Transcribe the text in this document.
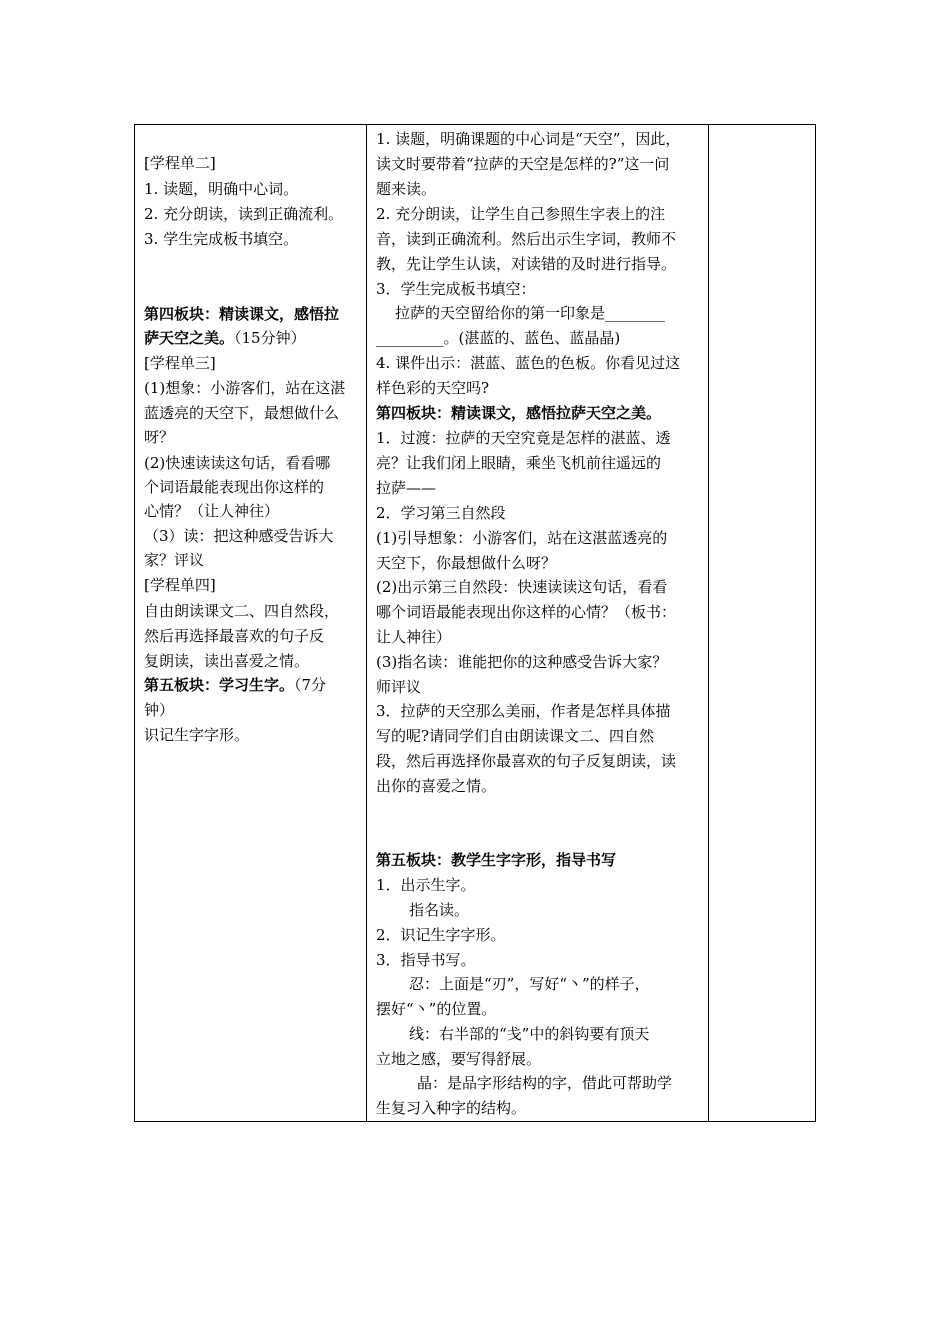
[学程单二]
1. 读题，明确中心词。
2. 充分朗读，读到正确流利。
3. 学生完成板书填空。
第四板块：精读课文，感悟拉
萨天空之美。（15分钟）
[学程单三]
(1)想象：小游客们，站在这湛
蓝透亮的天空下，最想做什么
呀？
(2)快速读读这句话，看看哪
个词语最能表现出你这样的
心情？（让人神往）
（3）读：把这种感受告诉大
家？评议
[学程单四]
自由朗读课文二、四自然段，
然后再选择最喜欢的句子反
复朗读，读出喜爱之情。
第五板块：学习生字。（7分
钟）
识记生字字形。
1. 读题，明确课题的中心词是“天空”，因此，
读文时要带着“拉萨的天空是怎样的?”这一问
题来读。
2. 充分朗读，让学生自己参照生字表上的注
音，读到正确流利。然后出示生字词，教师不
教，先让学生认读，对读错的及时进行指导。
3．学生完成板书填空：
拉萨的天空留给你的第一印象是________
_________。(湛蓝的、蓝色、蓝晶晶)
4. 课件出示：湛蓝、蓝色的色板。你看见过这
样色彩的天空吗?
第四板块：精读课文，感悟拉萨天空之美。
1．过渡：拉萨的天空究竟是怎样的湛蓝、透
亮？让我们闭上眼睛，乘坐飞机前往遥远的
拉萨——
2．学习第三自然段
(1)引导想象：小游客们，站在这湛蓝透亮的
天空下，你最想做什么呀？
(2)出示第三自然段：快速读读这句话，看看
哪个词语最能表现出你这样的心情？（板书：
让人神往）
(3)指名读：谁能把你的这种感受告诉大家？
师评议
3．拉萨的天空那么美丽，作者是怎样具体描
写的呢?请同学们自由朗读课文二、四自然
段，然后再选择你最喜欢的句子反复朗读，读
出你的喜爱之情。
第五板块：教学生字字形，指导书写
1．出示生字。
指名读。
2．识记生字字形。
3．指导书写。
忍：上面是“刃”，写好“丶”的样子，
摆好“丶”的位置。
线：右半部的“戋”中的斜钩要有顶天
立地之感，要写得舒展。
晶：是品字形结构的字，借此可帮助学
生复习入种字的结构。
